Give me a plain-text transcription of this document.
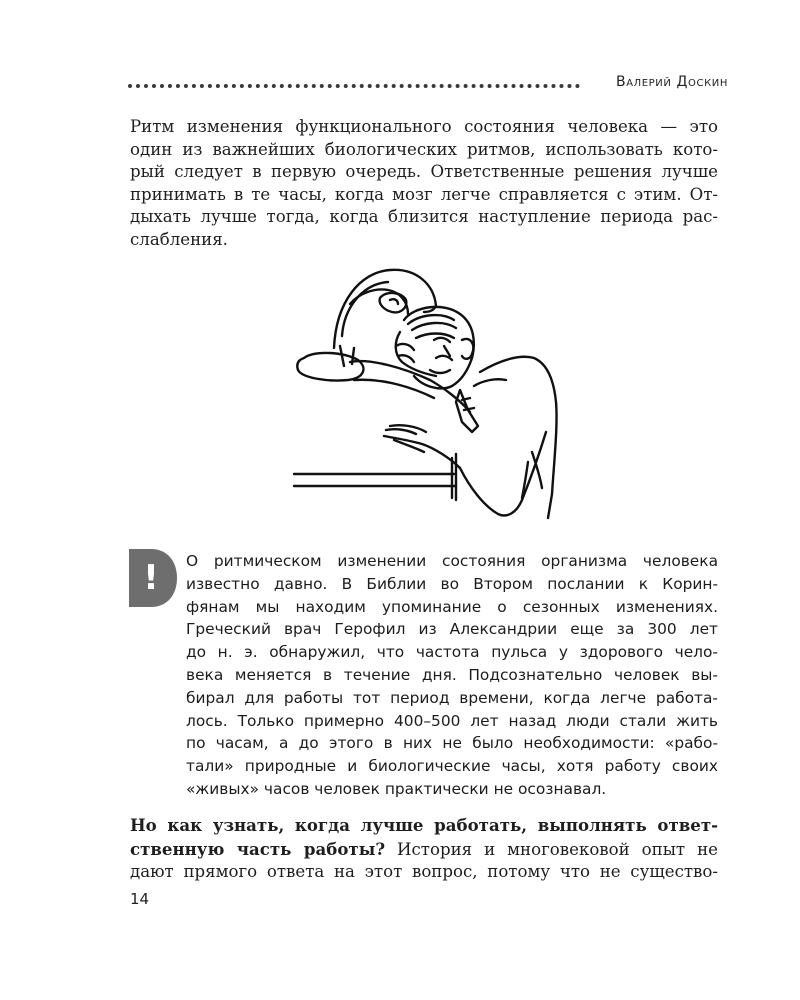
Валерий Доскин
Ритм изменения функционального состояния человека — это
один из важнейших биологических ритмов, использовать кото-
рый следует в первую очередь. Ответственные решения лучше
принимать в те часы, когда мозг легче справляется с этим. От-
дыхать лучше тогда, когда близится наступление периода рас-
слабления.
! О ритмическом изменении состояния организма человека
известно давно. В Библии во Втором послании к Корин-
фянам мы находим упоминание о сезонных изменениях.
Греческий врач Герофил из Александрии еще за 300 лет
до н. э. обнаружил, что частота пульса у здорового чело-
века меняется в течение дня. Подсознательно человек вы-
бирал для работы тот период времени, когда легче работа-
лось. Только примерно 400–500 лет назад люди стали жить
по часам, а до этого в них не было необходимости: «рабо-
тали» природные и биологические часы, хотя работу своих
«живых» часов человек практически не осознавал.
Но как узнать, когда лучше работать, выполнять ответ-
ственную часть работы? История и многовековой опыт не
дают прямого ответа на этот вопрос, потому что не существо-
14
